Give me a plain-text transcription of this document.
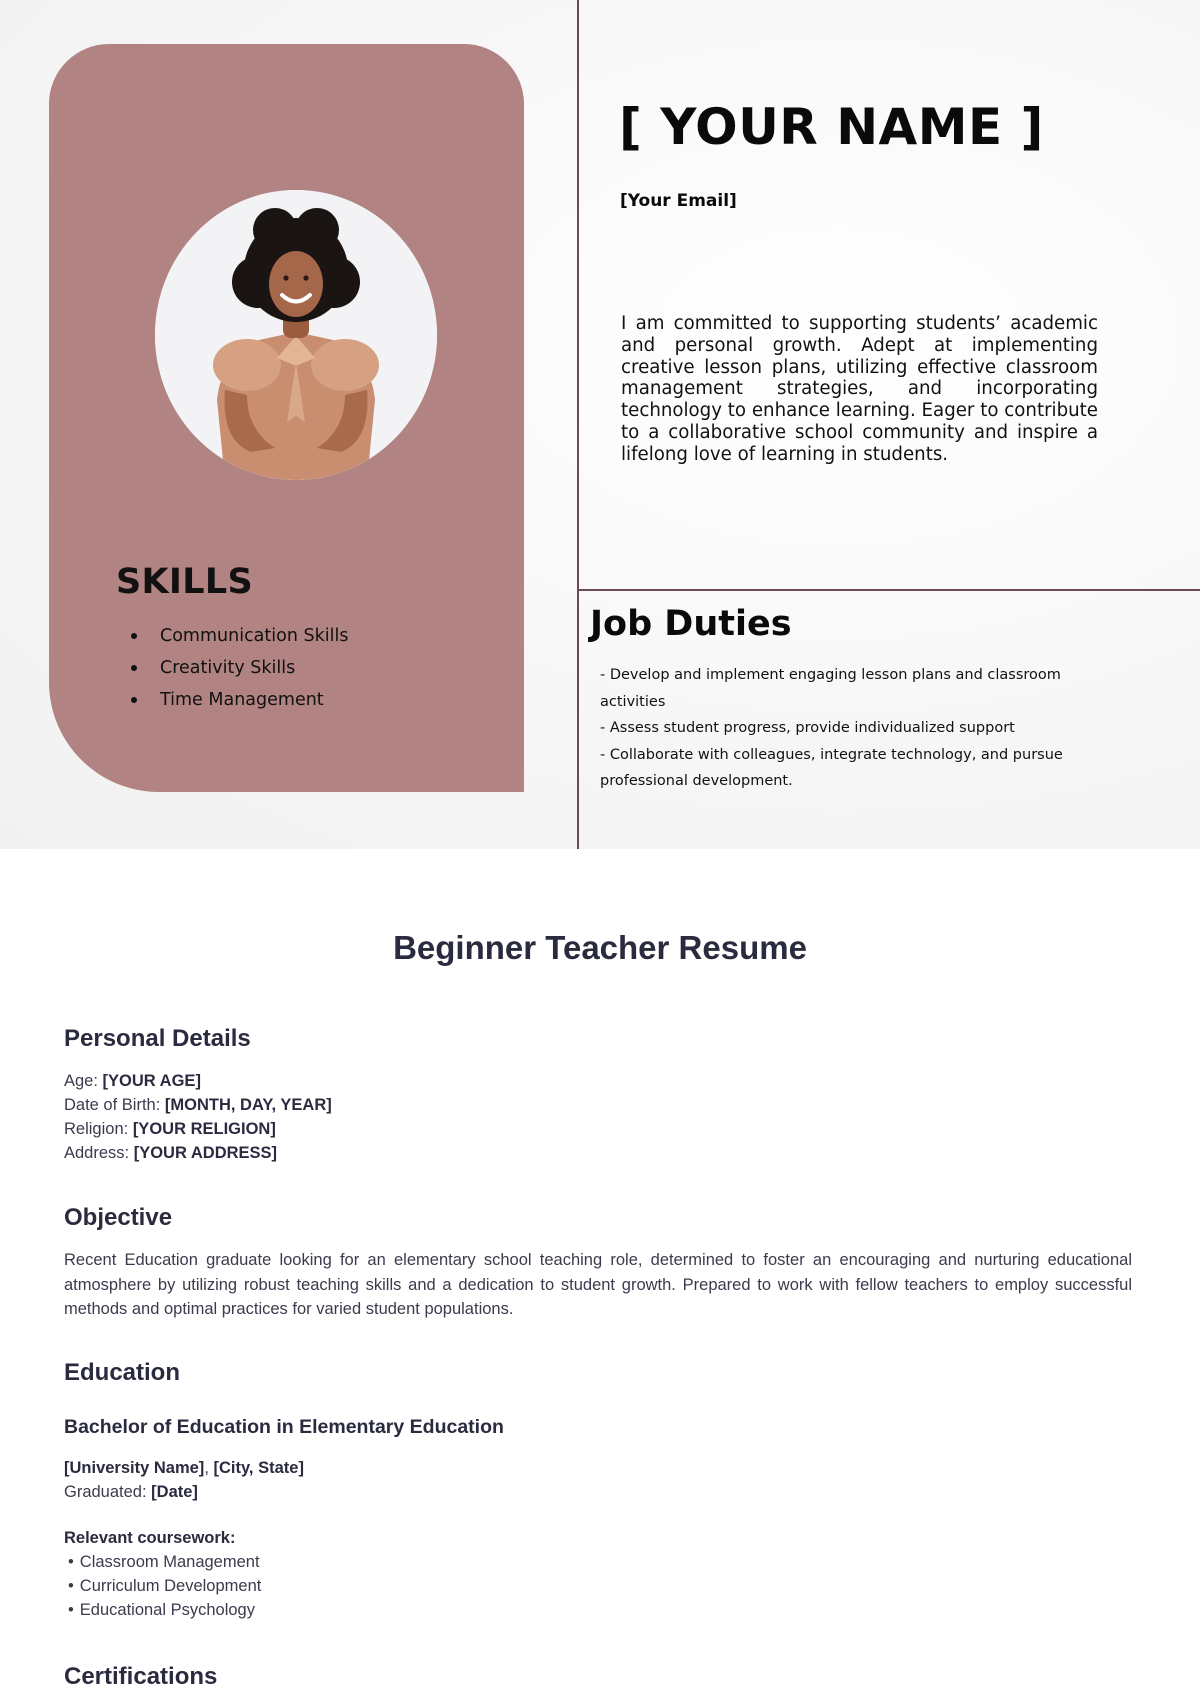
SKILLS
Communication Skills
Creativity Skills
Time Management
[ YOUR NAME ]
[Your Email]

I am committed to supporting students’ academic and personal growth. Adept at implementing creative lesson plans, utilizing effective classroom management strategies, and incorporating technology to enhance learning. Eager to contribute to a collaborative school community and inspire a lifelong love of learning in students.

Job Duties
- Develop and implement engaging lesson plans and classroom activities
- Assess student progress, provide individualized support
- Collaborate with colleagues, integrate technology, and pursue professional development.
Beginner Teacher Resume
Personal Details
Age: [YOUR AGE]
Date of Birth: [MONTH, DAY, YEAR]
Religion: [YOUR RELIGION]
Address: [YOUR ADDRESS]
Objective

Recent Education graduate looking for an elementary school teaching role, determined to foster an encouraging and nurturing educational atmosphere by utilizing robust teaching skills and a dedication to student growth. Prepared to work with fellow teachers to employ successful methods and optimal practices for varied student populations.

Education
Bachelor of Education in Elementary Education
[University Name], [City, State]
Graduated: [Date]
Relevant coursework:
• Classroom Management
• Curriculum Development
• Educational Psychology
Certifications
